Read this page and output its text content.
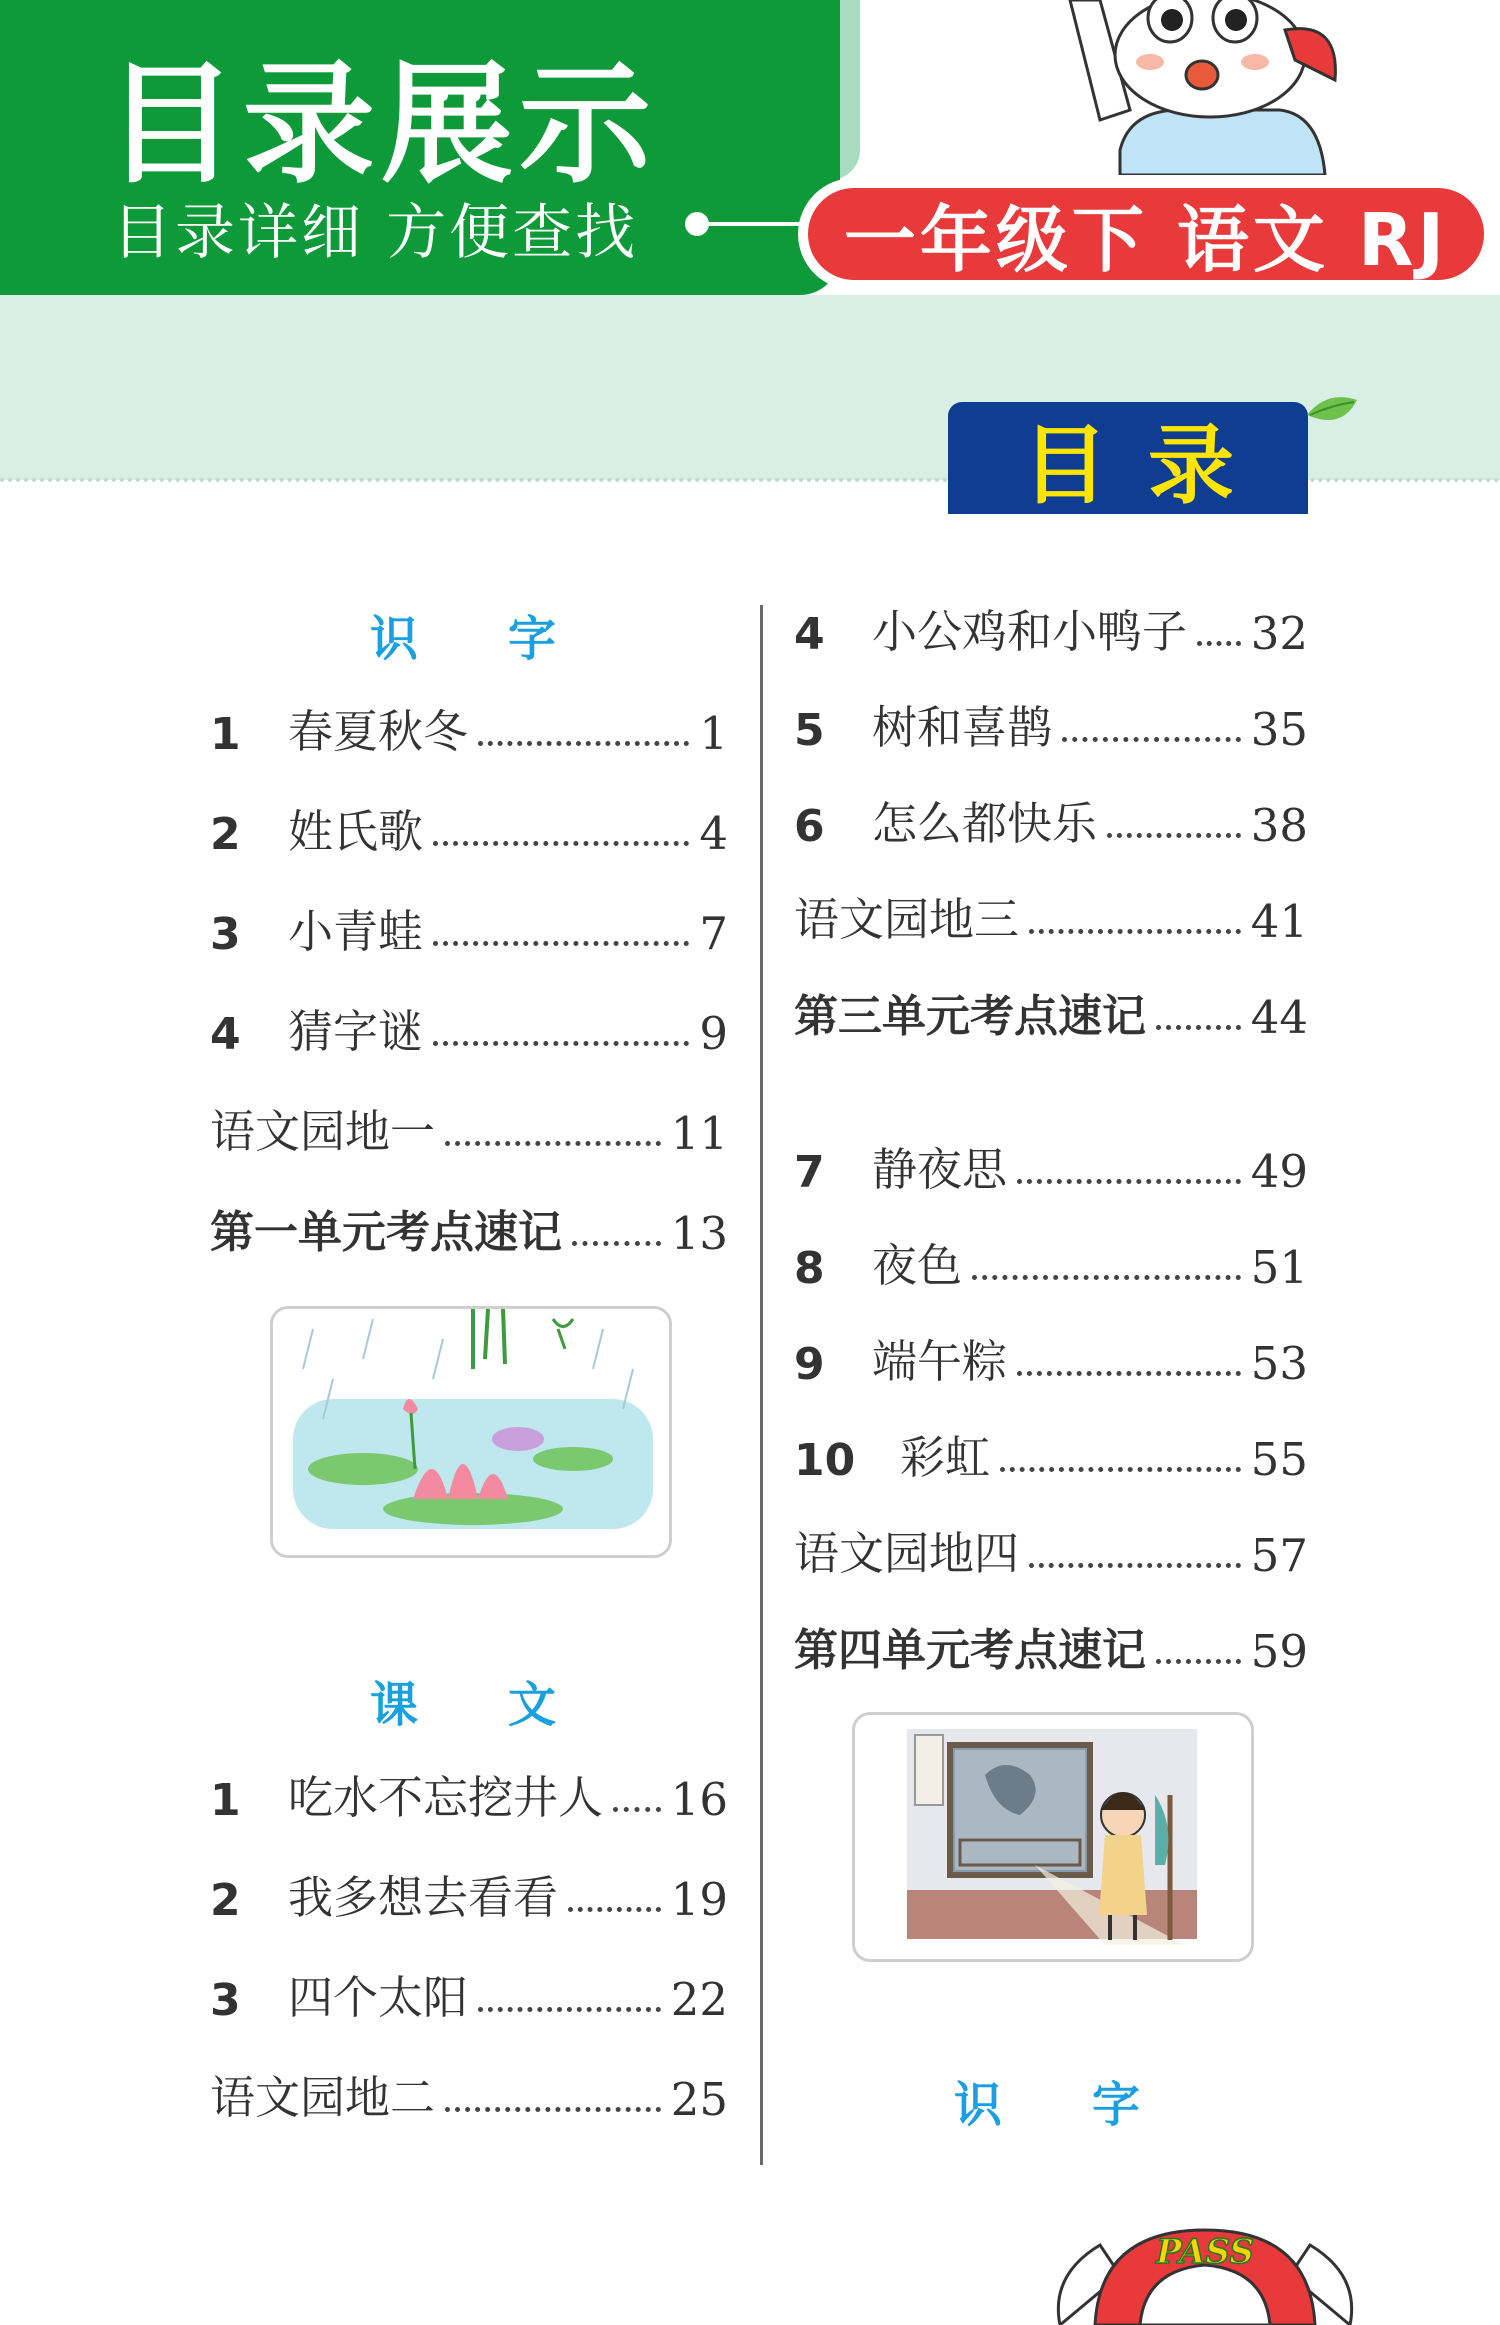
目录展示
目录详细 方便查找	一年级下 语文 RJ
目录
识字
1	春夏秋冬	1
2	姓氏歌	4
3	小青蛙	7
4	猜字谜	9
语文园地一	11
第一单元考点速记 13
课文
1	吃水不忘挖井人 16
2	我多想去看看	19
3	四个太阳	22
语文园地二	25
4	小公鸡和小鸭子 32
5	树和喜鹊	35
6	怎么都快乐	38
语文园地三	41
第三单元考点速记 44
7	静夜思	49
8	夜色	51
9	端午粽	53
10 彩虹	55
语文园地四	57
第四单元考点速记 59
识字
PASS
